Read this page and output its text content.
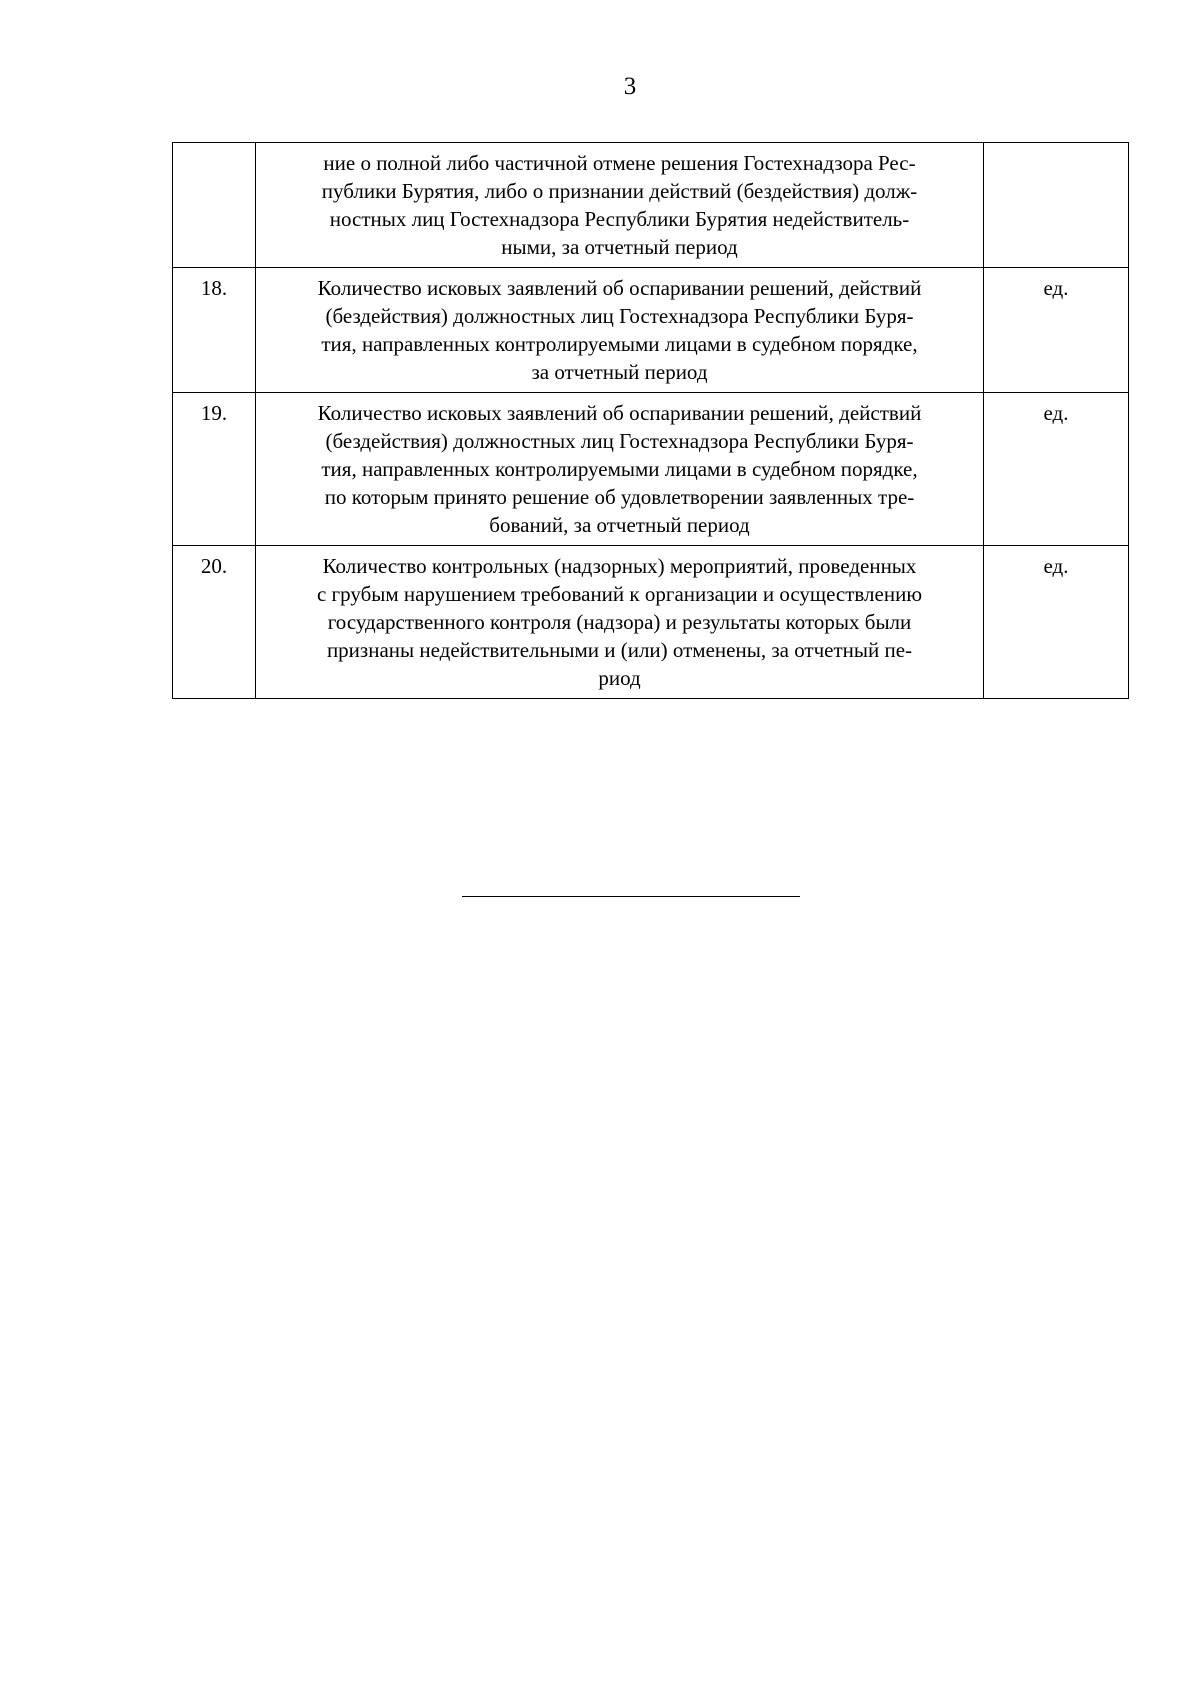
3

	ние о полной либо частичной отмене решения Гостехнадзора Рес-
публики Бурятия, либо о признании действий (бездействия) долж-
ностных лиц Гостехнадзора Республики Бурятия недействитель-
ными, за отчетный период	

18.	Количество исковых заявлений об оспаривании решений, действий
(бездействия) должностных лиц Гостехнадзора Республики Буря-
тия, направленных контролируемыми лицами в судебном порядке,
за отчетный период	ед.
19.	Количество исковых заявлений об оспаривании решений, действий
(бездействия) должностных лиц Гостехнадзора Республики Буря-
тия, направленных контролируемыми лицами в судебном порядке,
по которым принято решение об удовлетворении заявленных тре-
бований, за отчетный период	ед.
20.	Количество контрольных (надзорных) мероприятий, проведенных
с грубым нарушением требований к организации и осуществлению
государственного контроля (надзора) и результаты которых были
признаны недействительными и (или) отменены, за отчетный пе-
риод	ед.
